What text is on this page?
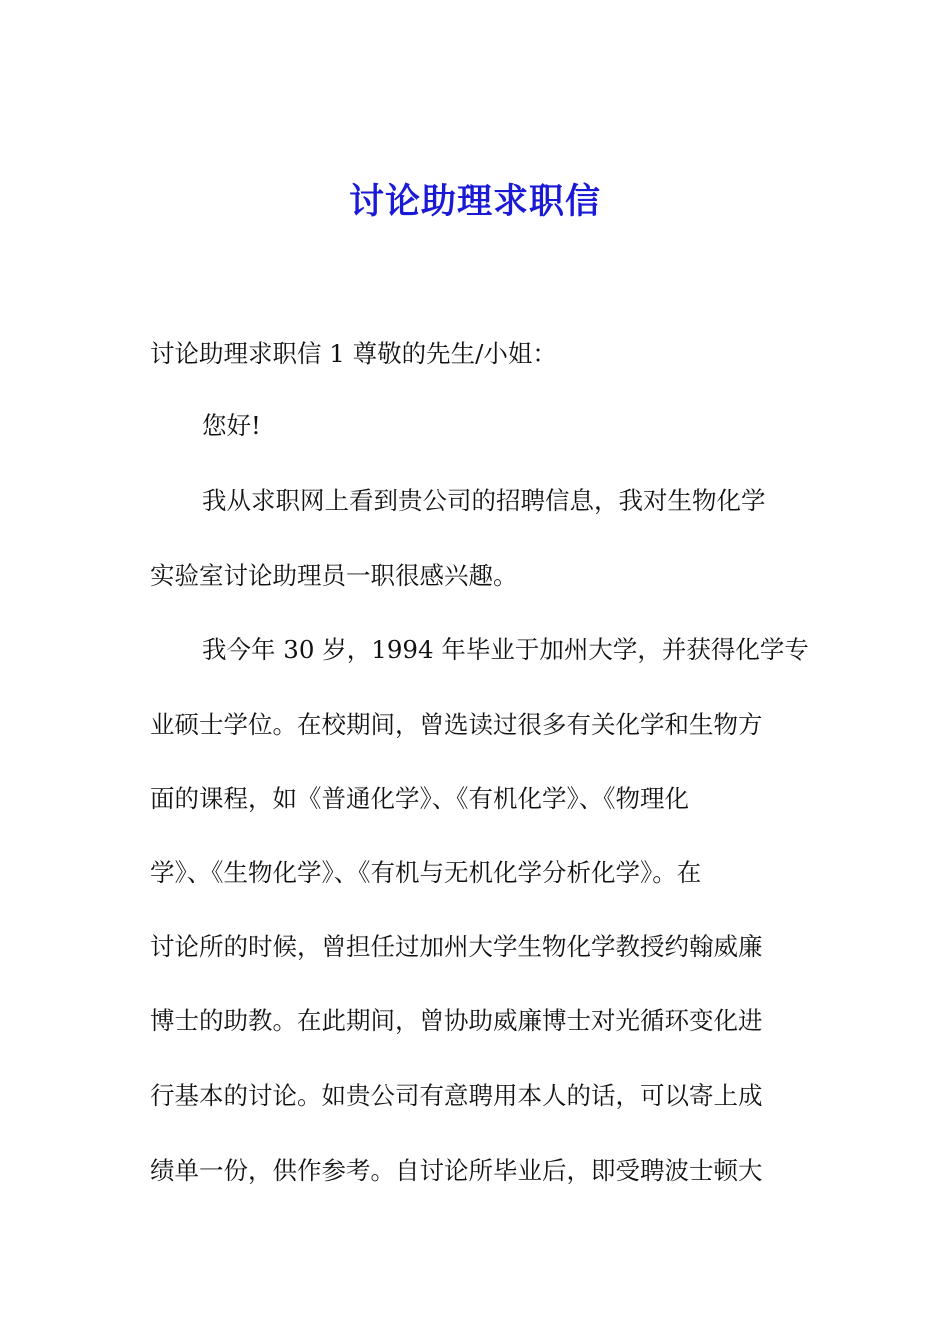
讨论助理求职信
讨论助理求职信 1 尊敬的先生/小姐：
您好!
我从求职网上看到贵公司的招聘信息，我对生物化学
实验室讨论助理员一职很感兴趣。
我今年 30 岁，1994 年毕业于加州大学，并获得化学专
业硕士学位。在校期间，曾选读过很多有关化学和生物方
面的课程，如《普通化学》、《有机化学》、《物理化
学》、《生物化学》、《有机与无机化学分析化学》。在
讨论所的时候，曾担任过加州大学生物化学教授约翰威廉
博士的助教。在此期间，曾协助威廉博士对光循环变化进
行基本的讨论。如贵公司有意聘用本人的话，可以寄上成
绩单一份，供作参考。自讨论所毕业后，即受聘波士顿大
